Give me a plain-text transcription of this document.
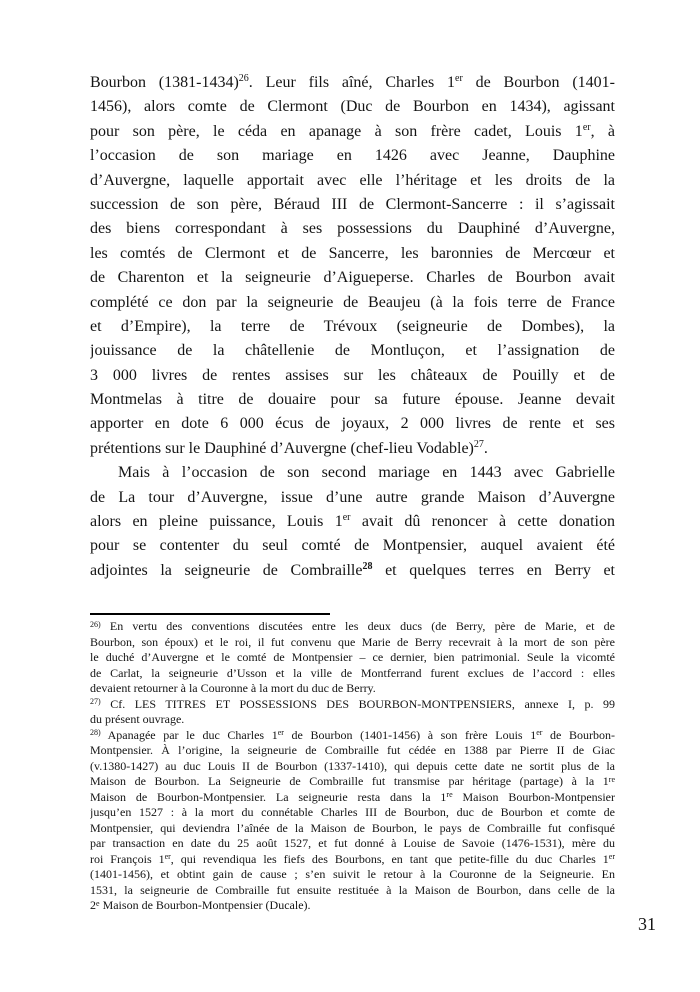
Bourbon (1381-1434)$^{26}$. Leur fils aîné, Charles 1er de Bourbon (1401-
1456), alors comte de Clermont (Duc de Bourbon en 1434), agissant
pour son père, le céda en apanage à son frère cadet, Louis 1er, à
l’occasion de son mariage en 1426 avec Jeanne, Dauphine
d’Auvergne, laquelle apportait avec elle l’héritage et les droits de la
succession de son père, Béraud III de Clermont-Sancerre : il s’agissait
des biens correspondant à ses possessions du Dauphiné d’Auvergne,
les comtés de Clermont et de Sancerre, les baronnies de Mercœur et
de Charenton et la seigneurie d’Aigueperse. Charles de Bourbon avait
complété ce don par la seigneurie de Beaujeu (à la fois terre de France
et d’Empire), la terre de Trévoux (seigneurie de Dombes), la
jouissance de la châtellenie de Montluçon, et l’assignation de
3 000 livres de rentes assises sur les châteaux de Pouilly et de
Montmelas à titre de douaire pour sa future épouse. Jeanne devait
apporter en dote 6 000 écus de joyaux, 2 000 livres de rente et ses
prétentions sur le Dauphiné d’Auvergne (chef-lieu Vodable)$^{27}$.
Mais à l’occasion de son second mariage en 1443 avec Gabrielle
de La tour d’Auvergne, issue d’une autre grande Maison d’Auvergne
alors en pleine puissance, Louis 1er avait dû renoncer à cette donation
pour se contenter du seul comté de Montpensier, auquel avaient été
adjointes la seigneurie de Combraille$^{28}$ et quelques terres en Berry et
$^{26)}$ En vertu des conventions discutées entre les deux ducs (de Berry, père de Marie, et de
Bourbon, son époux) et le roi, il fut convenu que Marie de Berry recevrait à la mort de son père
le duché d’Auvergne et le comté de Montpensier – ce dernier, bien patrimonial. Seule la vicomté
de Carlat, la seigneurie d’Usson et la ville de Montferrand furent exclues de l’accord : elles
devaient retourner à la Couronne à la mort du duc de Berry.
$^{27)}$ Cf. LES TITRES ET POSSESSIONS DES BOURBON-MONTPENSIERS, annexe I, p. 99
du présent ouvrage.
$^{28)}$ Apanagée par le duc Charles 1er de Bourbon (1401-1456) à son frère Louis 1er de Bourbon-
Montpensier. À l’origine, la seigneurie de Combraille fut cédée en 1388 par Pierre II de Giac
(v.1380-1427) au duc Louis II de Bourbon (1337-1410), qui depuis cette date ne sortit plus de la
Maison de Bourbon. La Seigneurie de Combraille fut transmise par héritage (partage) à la 1re
Maison de Bourbon-Montpensier. La seigneurie resta dans la 1re Maison Bourbon-Montpensier
jusqu’en 1527 : à la mort du connétable Charles III de Bourbon, duc de Bourbon et comte de
Montpensier, qui deviendra l’aînée de la Maison de Bourbon, le pays de Combraille fut confisqué
par transaction en date du 25 août 1527, et fut donné à Louise de Savoie (1476-1531), mère du
roi François 1er, qui revendiqua les fiefs des Bourbons, en tant que petite-fille du duc Charles 1er
(1401-1456), et obtint gain de cause ; s’en suivit le retour à la Couronne de la Seigneurie. En
1531, la seigneurie de Combraille fut ensuite restituée à la Maison de Bourbon, dans celle de la
2e Maison de Bourbon-Montpensier (Ducale).
31
